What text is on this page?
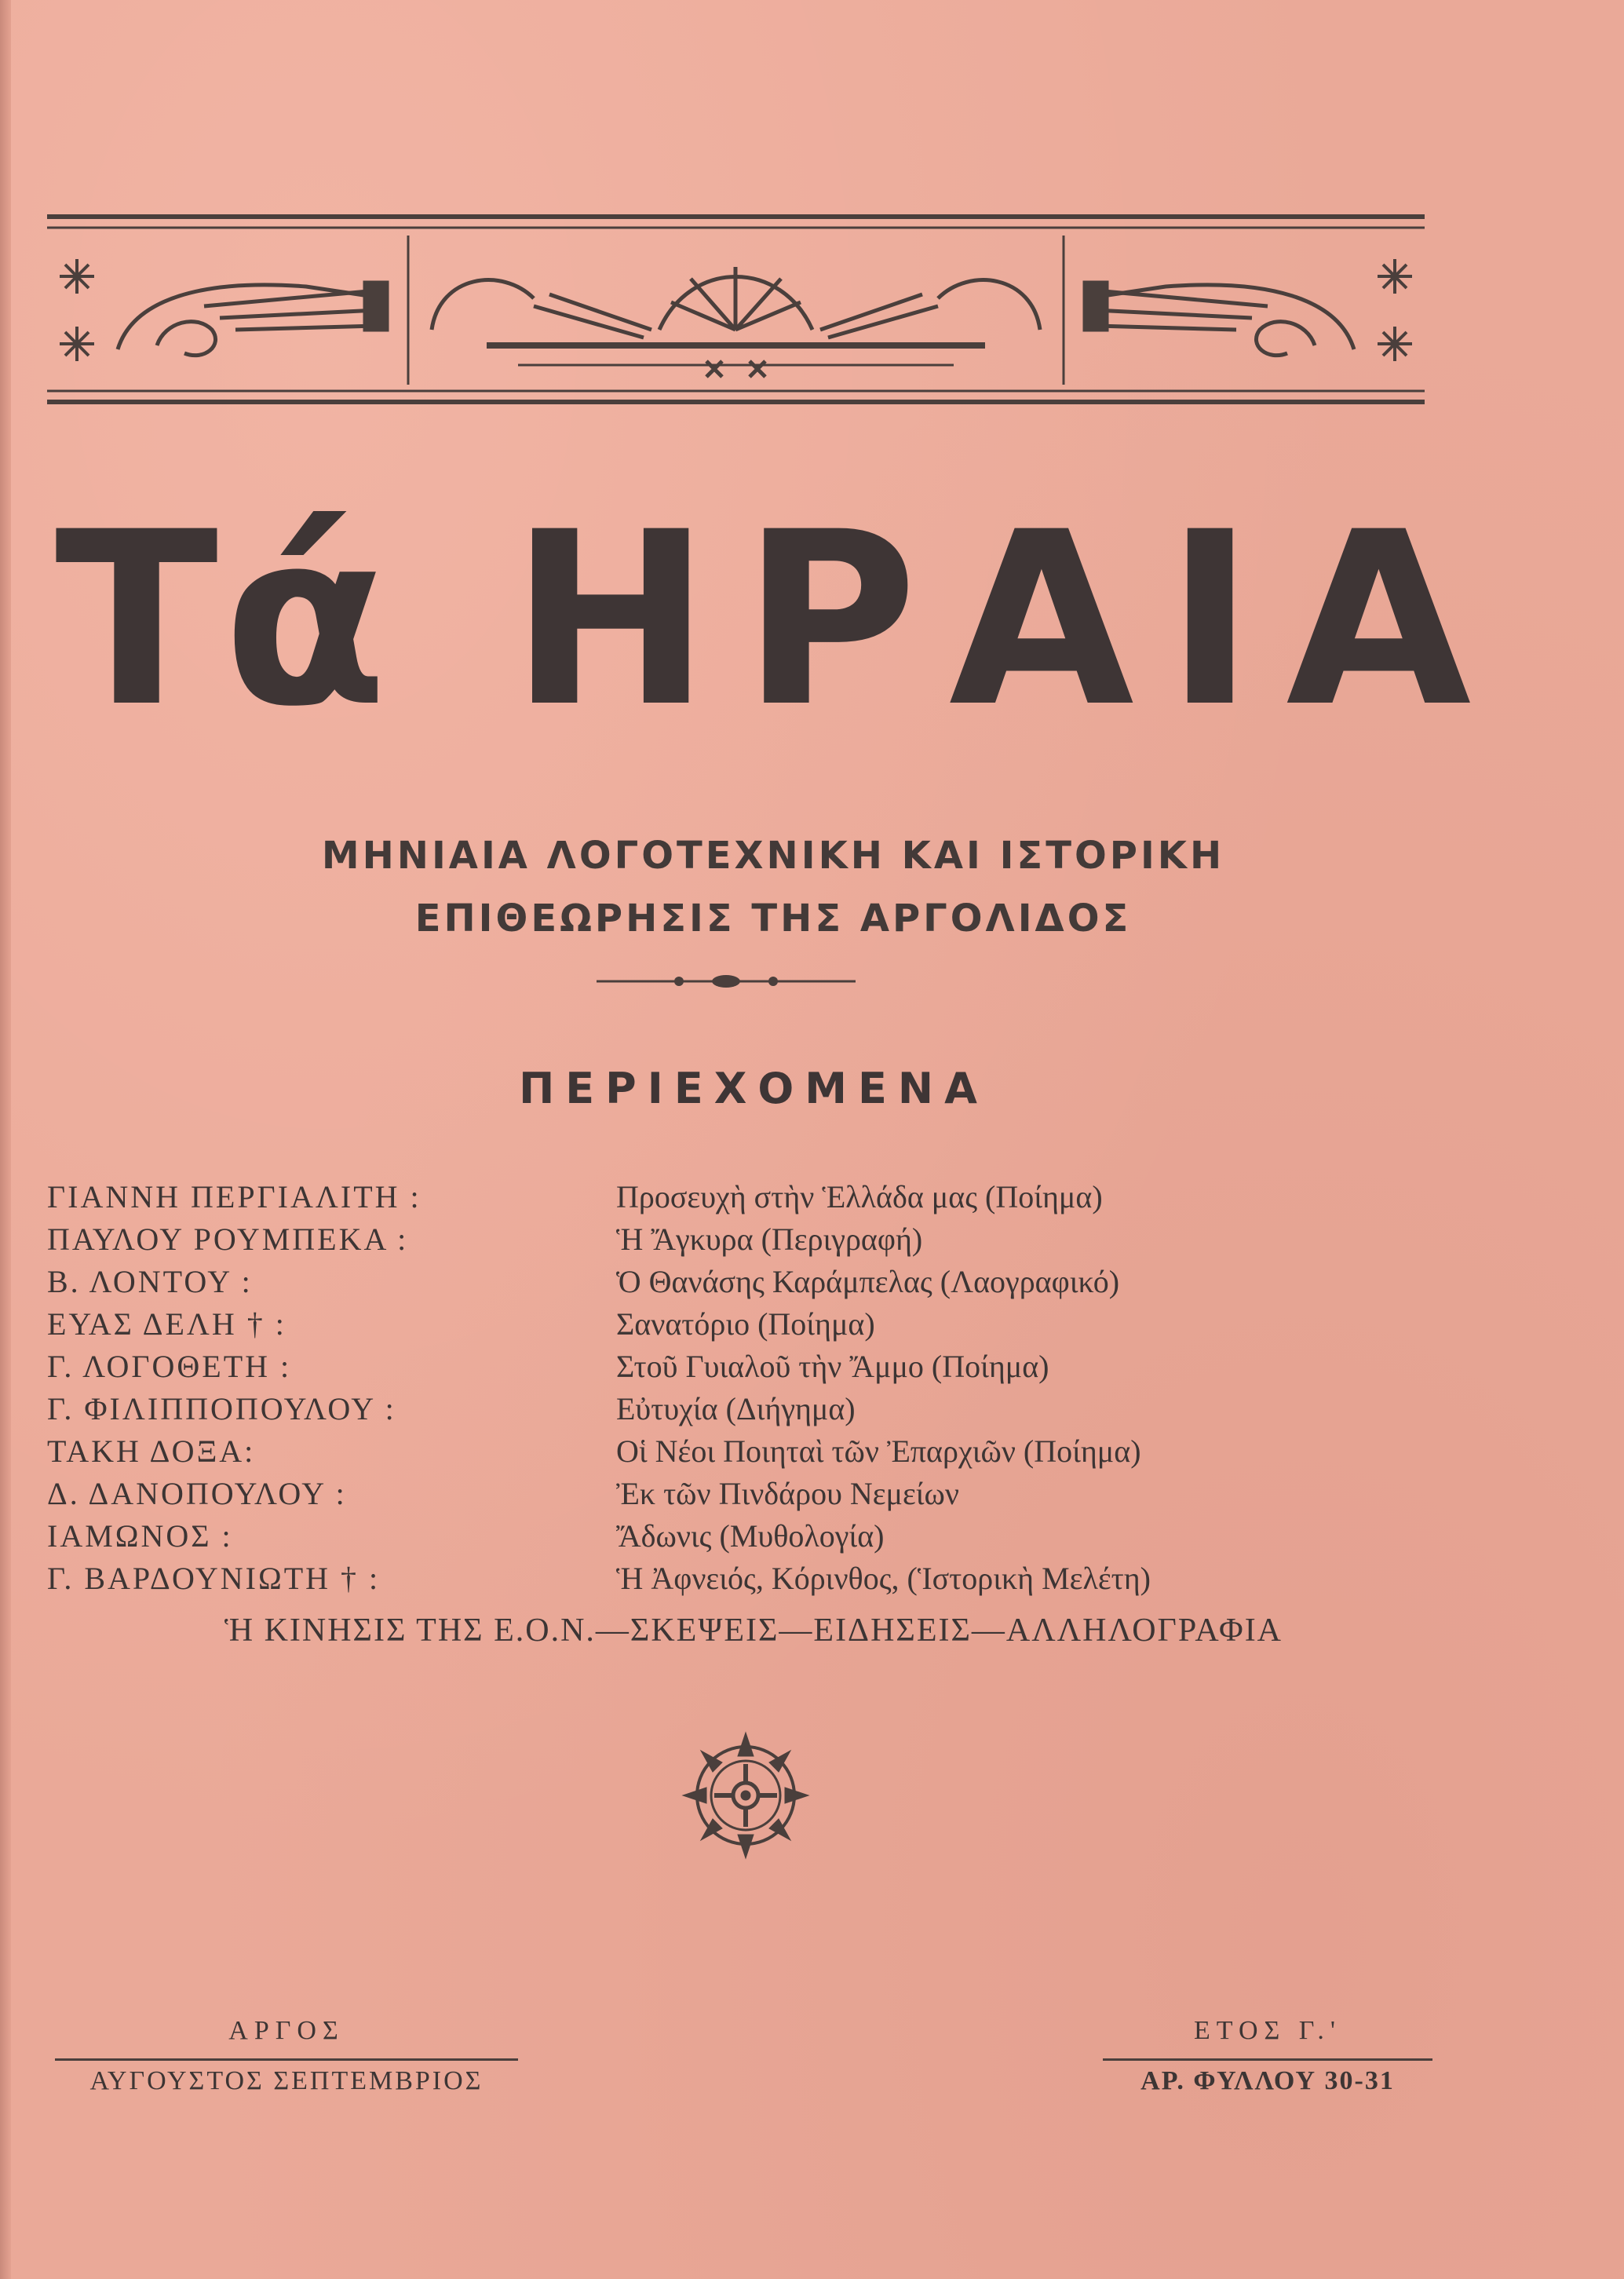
Τά ΗΡΑΙΑ
ΜΗΝΙΑΙΑ ΛΟΓΟΤΕΧΝΙΚΗ ΚΑΙ ΙΣΤΟΡΙΚΗ
ΕΠΙΘΕΩΡΗΣΙΣ ΤΗΣ ΑΡΓΟΛΙΔΟΣ
ΠΕΡΙΕΧΟΜΕΝΑ
ΓΙΑΝΝΗ ΠΕΡΓΙΑΛΙΤΗ :	Προσευχὴ στὴν Ἑλλάδα μας (Ποίημα)
ΠΑΥΛΟΥ ΡΟΥΜΠΕΚΑ :	Ἡ Ἄγκυρα (Περιγραφή)
Β. ΛΟΝΤΟΥ :	Ὁ Θανάσης Καράμπελας (Λαογραφικό)
ΕΥΑΣ ΔΕΛΗ † :	Σανατόριο (Ποίημα)
Γ. ΛΟΓΟΘΕΤΗ :	Στοῦ Γυιαλοῦ τὴν Ἄμμο (Ποίημα)
Γ. ΦΙΛΙΠΠΟΠΟΥΛΟΥ :	Εὐτυχία (Διήγημα)
ΤΑΚΗ ΔΟΞΑ:	Οἱ Νέοι Ποιηταὶ τῶν Ἐπαρχιῶν (Ποίημα)
Δ. ΔΑΝΟΠΟΥΛΟΥ :	Ἐκ τῶν Πινδάρου Νεμείων
ΙΑΜΩΝΟΣ :	Ἄδωνις (Μυθολογία)
Γ. ΒΑΡΔΟΥΝΙΩΤΗ † :	Ἡ Ἀφνειός, Κόρινθος, (Ἱστορικὴ Μελέτη)
Ἡ ΚΙΝΗΣΙΣ ΤΗΣ Ε.Ο.Ν.—ΣΚΕΨΕΙΣ—ΕΙΔΗΣΕΙΣ—ΑΛΛΗΛΟΓΡΑΦΙΑ
ΑΡΓΟΣ
ΑΥΓΟΥΣΤΟΣ ΣΕΠΤΕΜΒΡΙΟΣ
ΕΤΟΣ Γ.'
ΑΡ. ΦΥΛΛΟΥ 30-31
